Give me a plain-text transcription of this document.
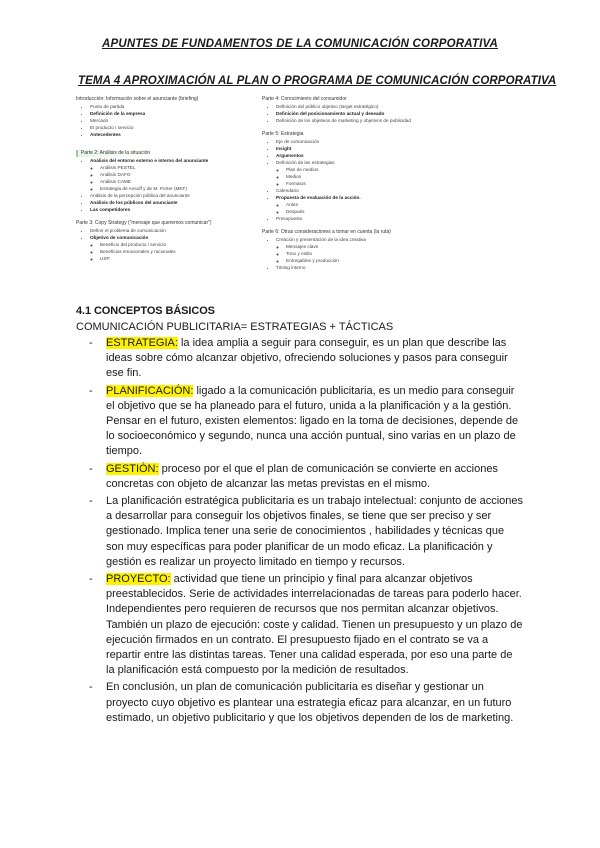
APUNTES DE FUNDAMENTOS DE LA COMUNICACIÓN CORPORATIVA
TEMA 4 APROXIMACIÓN AL PLAN O PROGRAMA DE COMUNICACIÓN CORPORATIVA

Introducción: Información sobre el anunciante (briefing)

• Punto de partida
• Definición de la empresa
• Mercado
• El producto / servicio
• Antecedentes

Parte 2: Análisis de la situación

• Análisis del entorno externo e interno del anunciante
◦ Análisis PESTEL
◦ Análisis DAFO
◦ Análisis CAME
◦ Estrategia de Ansoff y de M. Porter (MEF)
• Análisis de la percepción pública del anunciante
• Análisis de los públicos del anunciante
• Las competidores

Parte 3: Copy Strategy ("mensaje que queremos comunicar")

• Definir el problema de comunicación
• Objetivo de comunicación
◦ Beneficio del producto / servicio
◦ Beneficios emocionales y racionales
◦ USP

Parte 4: Conocimiento del consumidor

• Definición del público objetivo (target estratégico)
• Definición del posicionamiento actual y deseado
• Definición de los objetivos de marketing y objetivos de publicidad

Parte 5: Estrategia

• Eje de comunicación
• Insight
• Argumentos
• Definición de las estrategias
◦ Plan de medios
◦ Medios
◦ Formatos
• Calendario
• Propuesta de evaluación de la acción.
◦ Antes
◦ Después
• Presupuesto

Parte 6: Otras consideraciones a tomar en cuenta (la ruta)

• Creación y presentación de la idea creativa
◦ Mensajes clave
◦ Tono y estilo
◦ Entregables y producción
• Timing interno
4.1 CONCEPTOS BÁSICOS

COMUNICACIÓN PUBLICITARIA= ESTRATEGIAS + TÁCTICAS

- ESTRATEGIA: la idea amplia a seguir para conseguir, es un plan que describe las ideas sobre cómo alcanzar objetivo, ofreciendo soluciones y pasos para conseguir ese fin.
- PLANIFICACIÓN: ligado a la comunicación publicitaria, es un medio para conseguir el objetivo que se ha planeado para el futuro, unida a la planificación y a la gestión. Pensar en el futuro, existen elementos: ligado en la toma de decisiones, depende de lo socioeconómico y segundo, nunca una acción puntual, sino varias en un plazo de tiempo.
- GESTIÓN: proceso por el que el plan de comunicación se convierte en acciones concretas con objeto de alcanzar las metas previstas en el mismo.
- La planificación estratégica publicitaria es un trabajo intelectual: conjunto de acciones a desarrollar para conseguir los objetivos finales, se tiene que ser preciso y ser gestionado. Implica tener una serie de conocimientos , habilidades y técnicas que son muy específicas para poder planificar de un modo eficaz. La planificación y gestión es realizar un proyecto limitado en tiempo y recursos.
- PROYECTO: actividad que tiene un principio y final para alcanzar objetivos preestablecidos. Serie de actividades interrelacionadas de tareas para poderlo hacer. Independientes pero requieren de recursos que nos permitan alcanzar objetivos. También un plazo de ejecución: coste y calidad. Tienen un presupuesto y un plazo de ejecución firmados en un contrato. El presupuesto fijado en el contrato se va a repartir entre las distintas tareas. Tener una calidad esperada, por eso una parte de la planificación está compuesto por la medición de resultados.
- En conclusión, un plan de comunicación publicitaria es diseñar y gestionar un proyecto cuyo objetivo es plantear una estrategia eficaz para alcanzar, en un futuro estimado, un objetivo publicitario y que los objetivos dependen de los de marketing.
